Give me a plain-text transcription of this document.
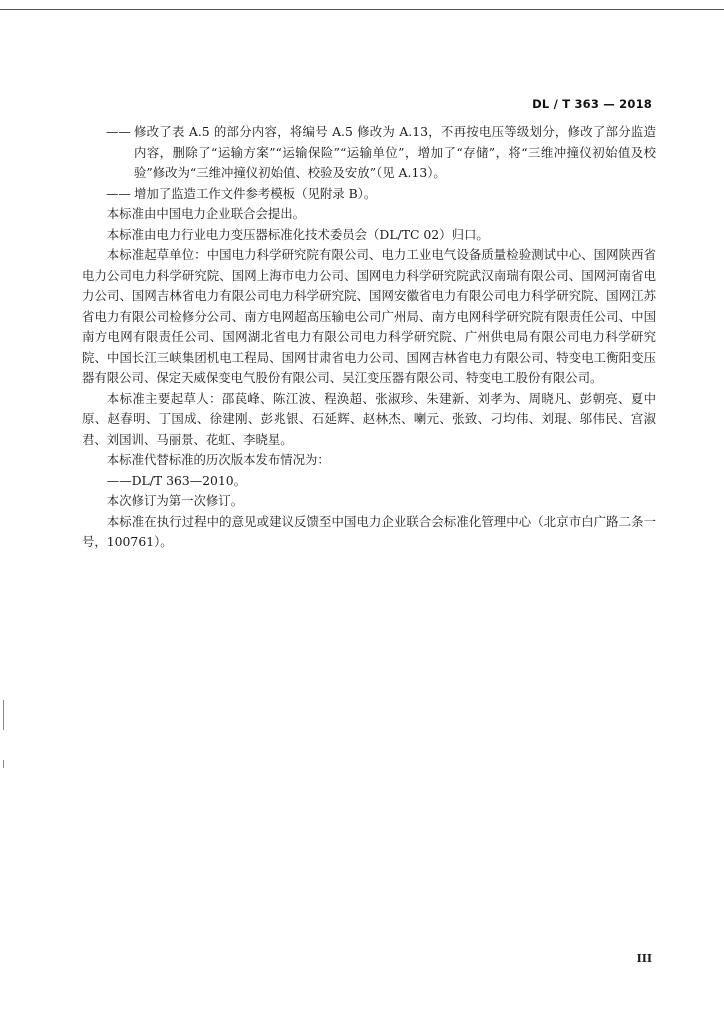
DL / T 363 — 2018
—— 修改了表 A.5 的部分内容，将编号 A.5 修改为 A.13，不再按电压等级划分，修改了部分监造内容，删除了“运输方案”“运输保险”“运输单位”，增加了“存储”，将“三维冲撞仪初始值及校验”修改为“三维冲撞仪初始值、校验及安放”（见 A.13）。
—— 增加了监造工作文件参考模板（见附录 B）。

本标准由中国电力企业联合会提出。

本标准由电力行业电力变压器标准化技术委员会（DL/TC 02）归口。

本标准起草单位：中国电力科学研究院有限公司、电力工业电气设备质量检验测试中心、国网陕西省电力公司电力科学研究院、国网上海市电力公司、国网电力科学研究院武汉南瑞有限公司、国网河南省电力公司、国网吉林省电力有限公司电力科学研究院、国网安徽省电力有限公司电力科学研究院、国网江苏省电力有限公司检修分公司、南方电网超高压输电公司广州局、南方电网科学研究院有限责任公司、中国南方电网有限责任公司、国网湖北省电力有限公司电力科学研究院、广州供电局有限公司电力科学研究院、中国长江三峡集团机电工程局、国网甘肃省电力公司、国网吉林省电力有限公司、特变电工衡阳变压器有限公司、保定天威保变电气股份有限公司、吴江变压器有限公司、特变电工股份有限公司。

本标准主要起草人：邵苠峰、陈江波、程涣超、张淑珍、朱建新、刘孝为、周晓凡、彭朝亮、夏中原、赵春明、丁国成、徐建刚、彭兆银、石延辉、赵林杰、喇元、张致、刁均伟、刘琨、邬伟民、宫淑君、刘国训、马丽景、花虹、李晓星。

本标准代替标准的历次版本发布情况为：

——DL/T 363—2010。

本次修订为第一次修订。

本标准在执行过程中的意见或建议反馈至中国电力企业联合会标准化管理中心（北京市白广路二条一号，100761）。

III
